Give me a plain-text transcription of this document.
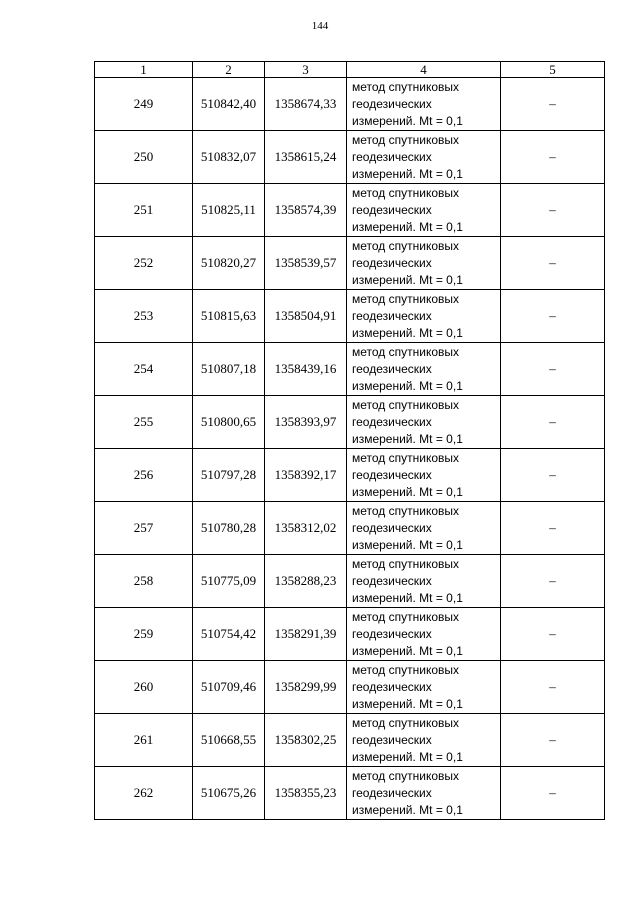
144
1	2	3	4	5
249	510842,40	1358674,33	метод спутниковых
геодезических
измерений. Mt = 0,1	–
250	510832,07	1358615,24	метод спутниковых
геодезических
измерений. Mt = 0,1	–
251	510825,11	1358574,39	метод спутниковых
геодезических
измерений. Mt = 0,1	–
252	510820,27	1358539,57	метод спутниковых
геодезических
измерений. Mt = 0,1	–
253	510815,63	1358504,91	метод спутниковых
геодезических
измерений. Mt = 0,1	–
254	510807,18	1358439,16	метод спутниковых
геодезических
измерений. Mt = 0,1	–
255	510800,65	1358393,97	метод спутниковых
геодезических
измерений. Mt = 0,1	–
256	510797,28	1358392,17	метод спутниковых
геодезических
измерений. Mt = 0,1	–
257	510780,28	1358312,02	метод спутниковых
геодезических
измерений. Mt = 0,1	–
258	510775,09	1358288,23	метод спутниковых
геодезических
измерений. Mt = 0,1	–
259	510754,42	1358291,39	метод спутниковых
геодезических
измерений. Mt = 0,1	–
260	510709,46	1358299,99	метод спутниковых
геодезических
измерений. Mt = 0,1	–
261	510668,55	1358302,25	метод спутниковых
геодезических
измерений. Mt = 0,1	–
262	510675,26	1358355,23	метод спутниковых
геодезических
измерений. Mt = 0,1	–
